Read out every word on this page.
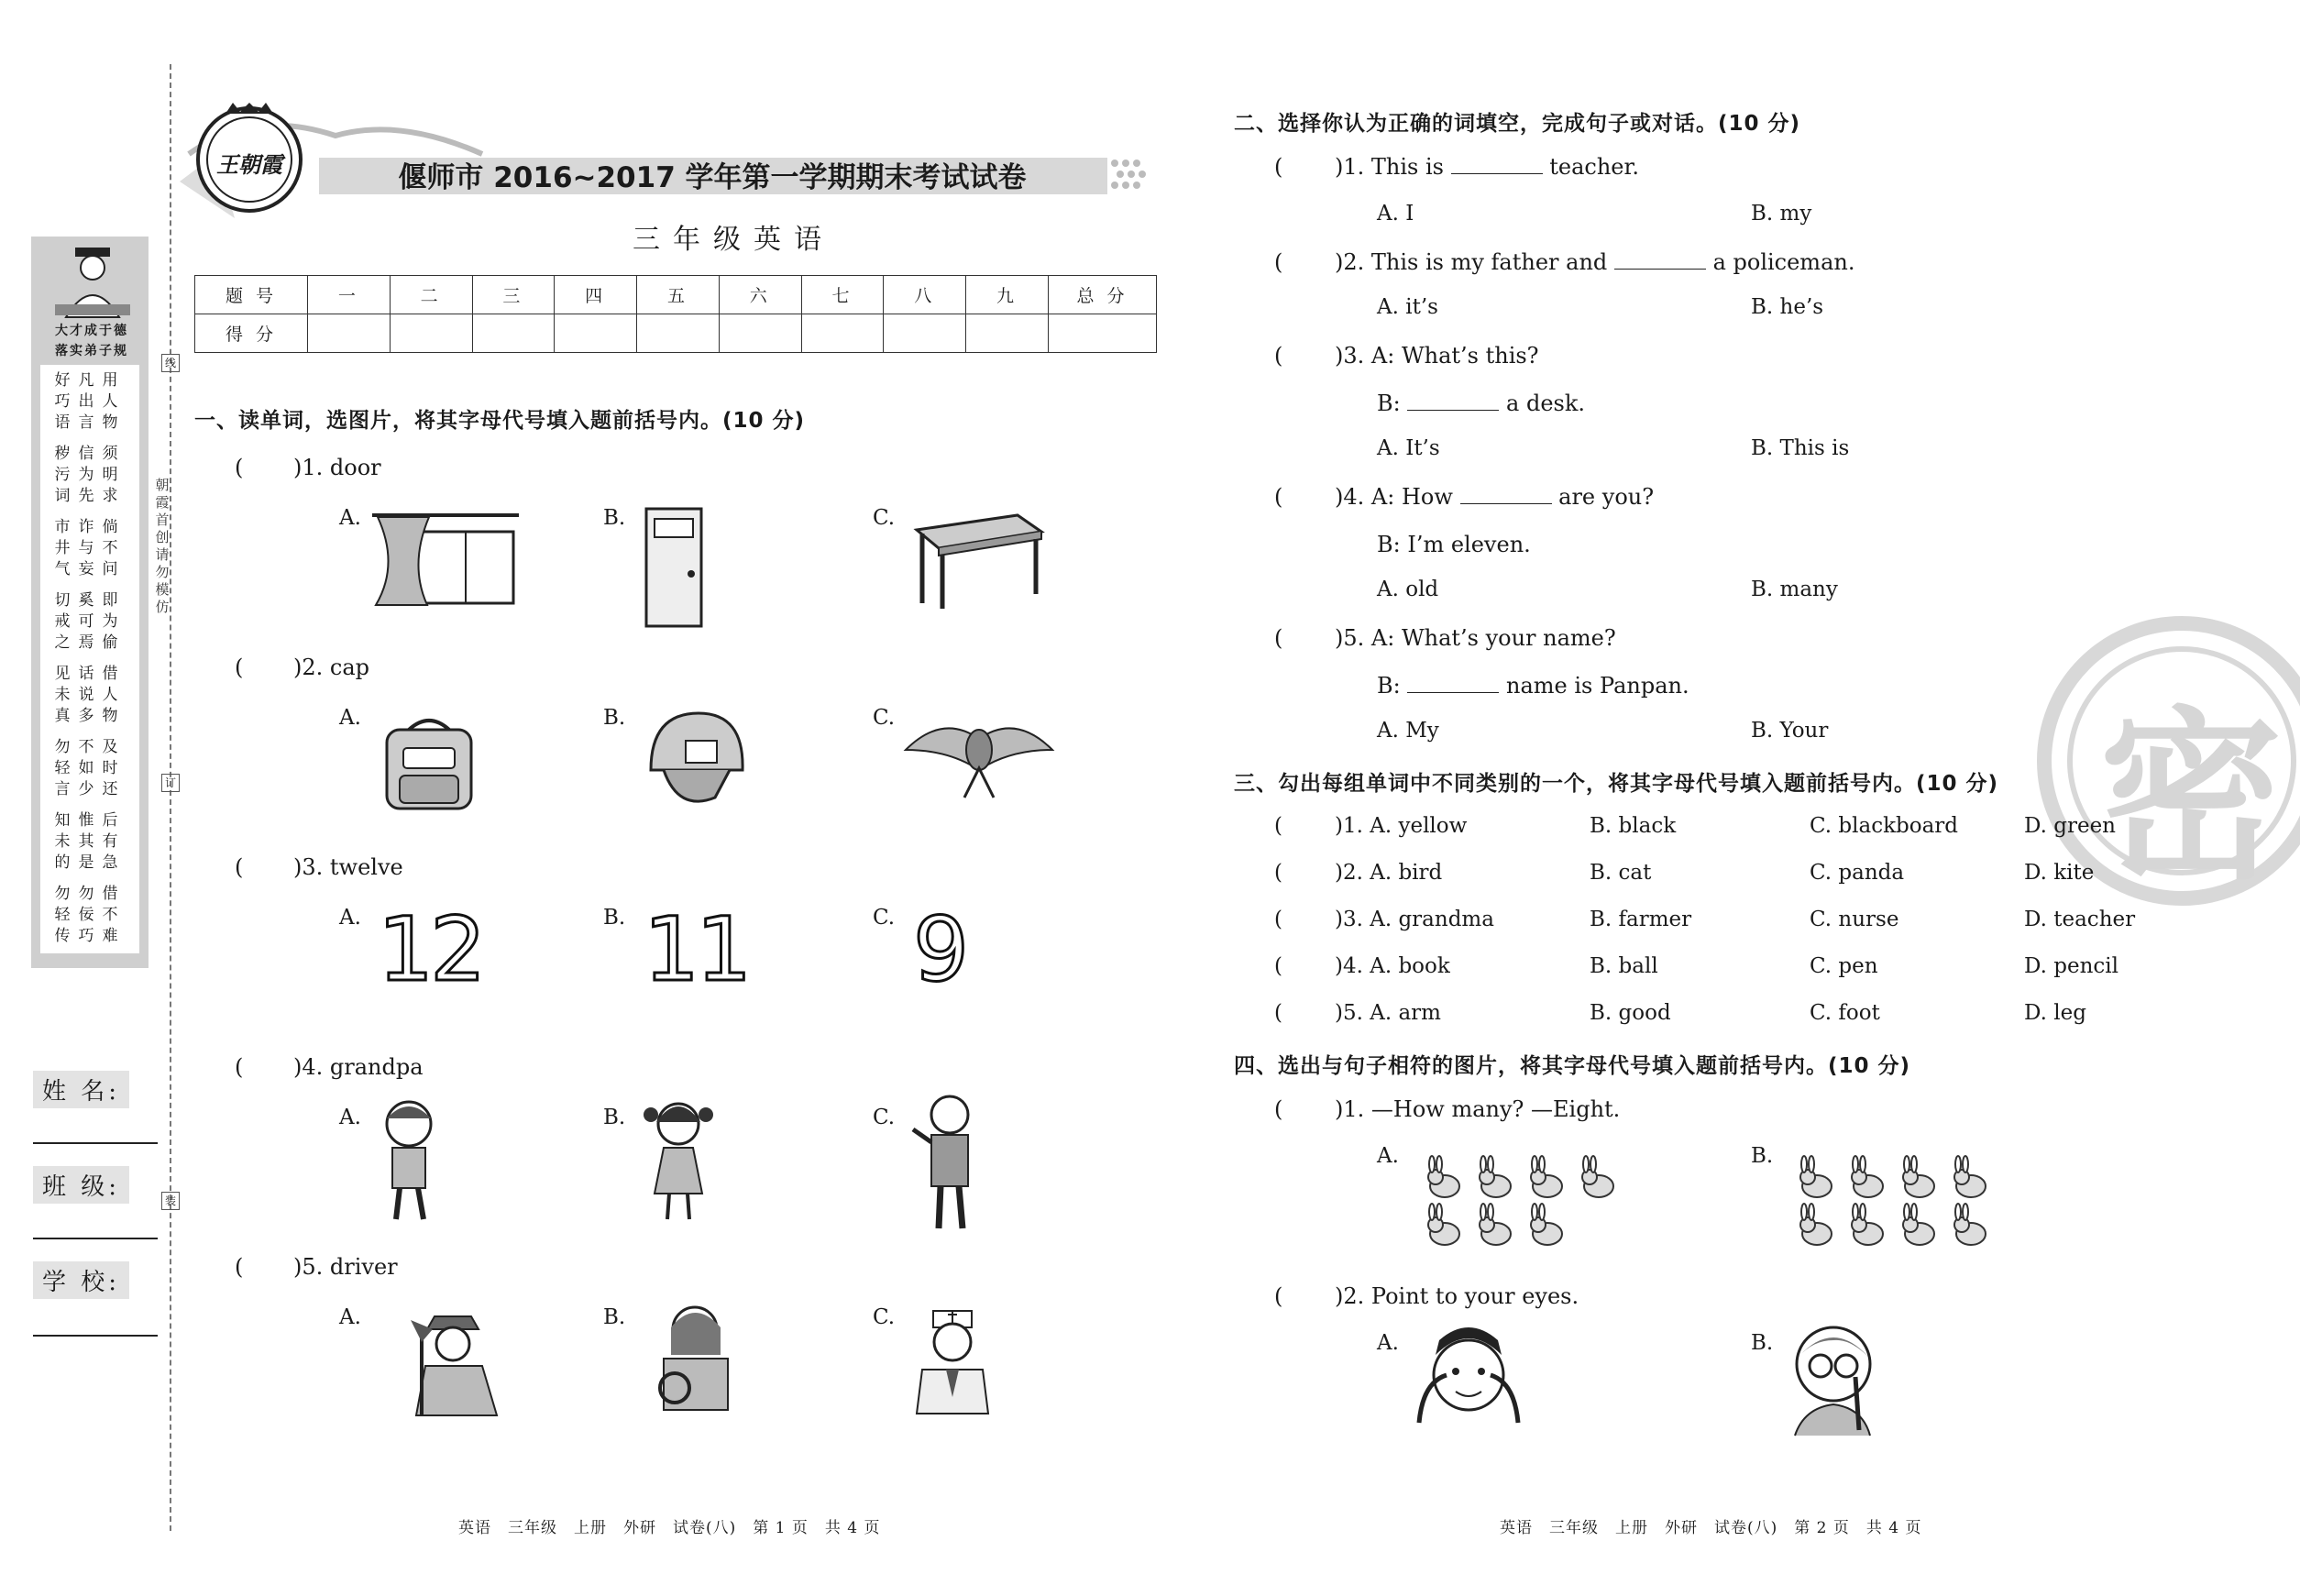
大才成于德
落实弟子规
好巧语
凡出言
用人物
秽污词
信为先
须明求
市井气
诈与妄
倘不问
切戒之
奚可焉
即为偷
见未真
话说多
借人物
勿轻言
不如少
及时还
知未的
惟其是
后有急
勿轻传
勿佞巧
借不难
朝霞首创 请勿模仿
线
订
装
姓 名:
班 级:
学 校:
王朝霞	偃师市 2016~2017 学年第一学期期末考试试卷
三年级英语
题 号	一	二	三	四	五	六	七	八	九	总 分
得 分										
一、读单词，选图片，将其字母代号填入题前括号内。(10 分)
( )1. door
A.	B.	C.
( )2. cap
A.	B.	C.
( )3. twelve
A.	B.	C.
12 11 9
( )4. grandpa
A.	B.	C.
( )5. driver
A.	B.	C.
英语　三年级　上册　外研　试卷(八)　第 1 页　共 4 页
密
二、选择你认为正确的词填空，完成句子或对话。(10 分)
( )1. This is	teacher.
A. I	B. my
( )2. This is my father and	a policeman.
A. it’s	B. he’s
( )3. A: What’s this?
B:	a desk.
A. It’s	B. This is
( )4. A: How	are you?
B: I’m eleven.
A. old	B. many
( )5. A: What’s your name?
B:	name is Panpan.
A. My	B. Your
三、勾出每组单词中不同类别的一个，将其字母代号填入题前括号内。(10 分)
( )1. A. yellow	B. black	C. blackboard	D. green
( )2. A. bird	B. cat	C. panda	D. kite
( )3. A. grandma	B. farmer	C. nurse	D. teacher
( )4. A. book	B. ball	C. pen	D. pencil
( )5. A. arm	B. good	C. foot	D. leg
四、选出与句子相符的图片，将其字母代号填入题前括号内。(10 分)
( )1. —How many? —Eight.
A.	B.
( )2. Point to your eyes.
A.	B.
英语　三年级　上册　外研　试卷(八)　第 2 页　共 4 页
